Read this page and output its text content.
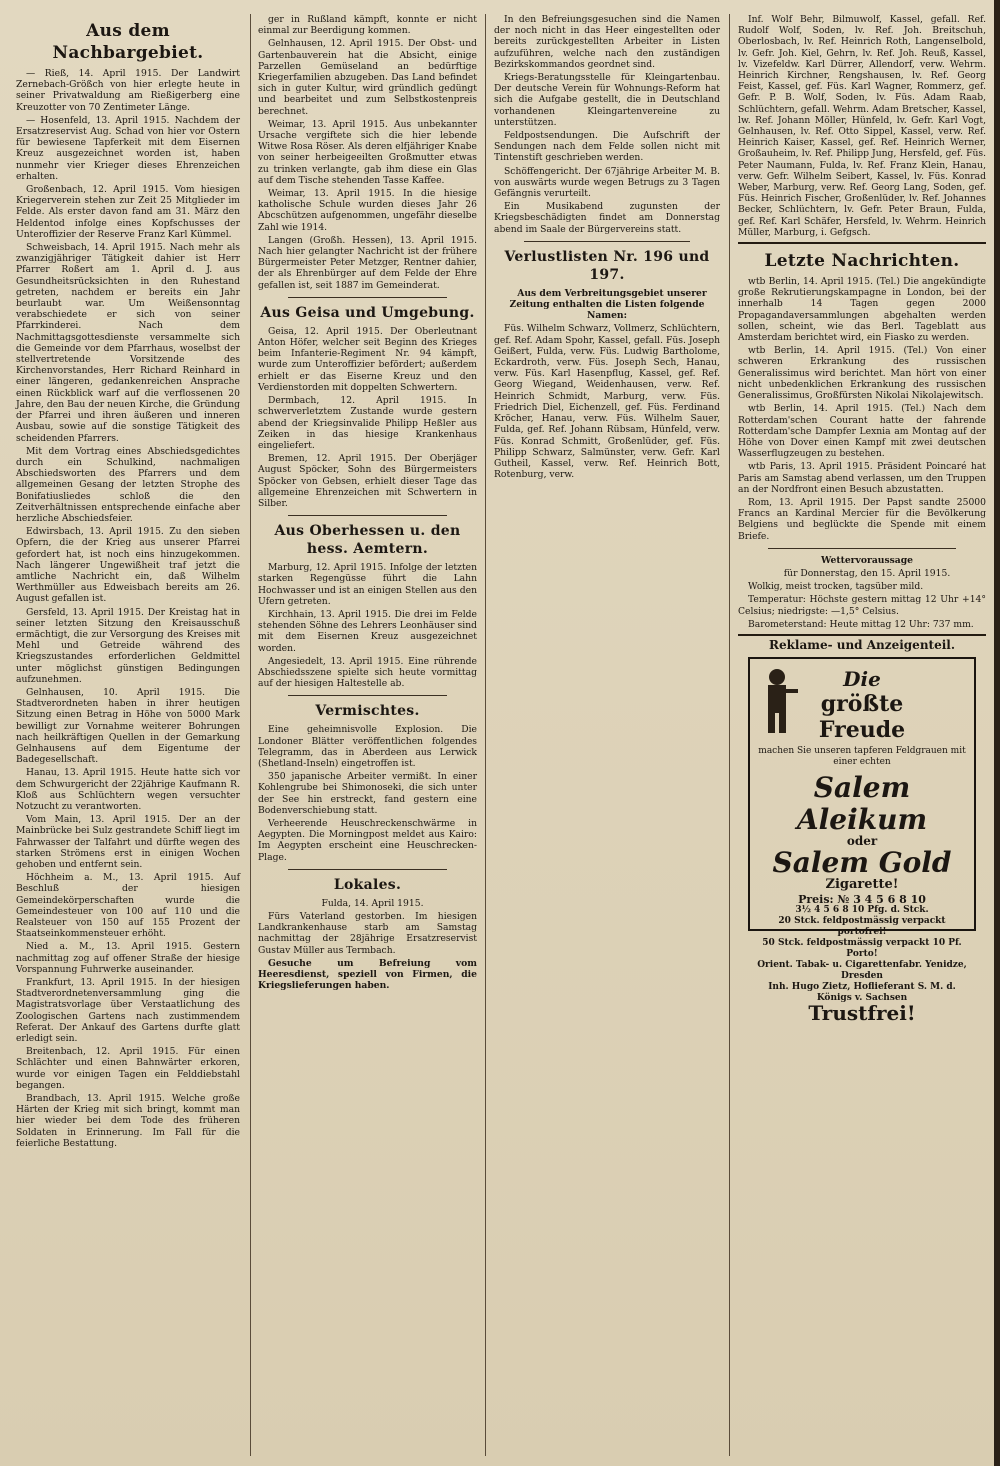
Aus dem Nachbargebiet.

— Rieß, 14. April 1915. Der Landwirt Zernebach-Größch von hier erlegte heute in seiner Privatwaldung am Rießigerberg eine Kreuzotter von 70 Zentimeter Länge.

— Hosenfeld, 13. April 1915. Nachdem der Ersatzreservist Aug. Schad von hier vor Ostern für bewiesene Tapferkeit mit dem Eisernen Kreuz ausgezeichnet worden ist, haben nunmehr vier Krieger dieses Ehrenzeichen erhalten.

Großenbach, 12. April 1915. Vom hiesigen Kriegerverein stehen zur Zeit 25 Mitglieder im Felde. Als erster davon fand am 31. März den Heldentod infolge eines Kopfschusses der Unteroffizier der Reserve Franz Karl Kümmel.

Schweisbach, 14. April 1915. Nach mehr als zwanzigjähriger Tätigkeit dahier ist Herr Pfarrer Roßert am 1. April d. J. aus Gesundheitsrücksichten in den Ruhestand getreten, nachdem er bereits ein Jahr beurlaubt war. Um Weißensonntag verabschiedete er sich von seiner Pfarrkinderei. Nach dem Nachmittagsgottesdienste versammelte sich die Gemeinde vor dem Pfarrhaus, woselbst der stellvertretende Vorsitzende des Kirchenvorstandes, Herr Richard Reinhard in einer längeren, gedankenreichen Ansprache einen Rückblick warf auf die verflossenen 20 Jahre, den Bau der neuen Kirche, die Gründung der Pfarrei und ihren äußeren und inneren Ausbau, sowie auf die sonstige Tätigkeit des scheidenden Pfarrers.

Mit dem Vortrag eines Abschiedsgedichtes durch ein Schulkind, nachmaligen Abschiedsworten des Pfarrers und dem allgemeinen Gesang der letzten Strophe des Bonifatiusliedes schloß die den Zeitverhältnissen entsprechende einfache aber herzliche Abschiedsfeier.

Edwirsbach, 13. April 1915. Zu den sieben Opfern, die der Krieg aus unserer Pfarrei gefordert hat, ist noch eins hinzugekommen. Nach längerer Ungewißheit traf jetzt die amtliche Nachricht ein, daß Wilhelm Werthmüller aus Edweisbach bereits am 26. August gefallen ist.

Gersfeld, 13. April 1915. Der Kreistag hat in seiner letzten Sitzung den Kreisausschuß ermächtigt, die zur Versorgung des Kreises mit Mehl und Getreide während des Kriegszustandes erforderlichen Geldmittel unter möglichst günstigen Bedingungen aufzunehmen.

Gelnhausen, 10. April 1915. Die Stadtverordneten haben in ihrer heutigen Sitzung einen Betrag in Höhe von 5000 Mark bewilligt zur Vornahme weiterer Bohrungen nach heilkräftigen Quellen in der Gemarkung Gelnhausens auf dem Eigentume der Badegesellschaft.

Hanau, 13. April 1915. Heute hatte sich vor dem Schwurgericht der 22jährige Kaufmann R. Kloß aus Schlüchtern wegen versuchter Notzucht zu verantworten.

Vom Main, 13. April 1915. Der an der Mainbrücke bei Sulz gestrandete Schiff liegt im Fahrwasser der Talfahrt und dürfte wegen des starken Strömens erst in einigen Wochen gehoben und entfernt sein.

Höchheim a. M., 13. April 1915. Auf Beschluß der hiesigen Gemeindekörperschaften wurde die Gemeindesteuer von 100 auf 110 und die Realsteuer von 150 auf 155 Prozent der Staatseinkommensteuer erhöht.

Nied a. M., 13. April 1915. Gestern nachmittag zog auf offener Straße der hiesige Vorspannung Fuhrwerke auseinander.

Frankfurt, 13. April 1915. In der hiesigen Stadtverordnetenversammlung ging die Magistratsvorlage über Verstaatlichung des Zoologischen Gartens nach zustimmendem Referat. Der Ankauf des Gartens durfte glatt erledigt sein.

Breitenbach, 12. April 1915. Für einen Schlächter und einen Bahnwärter erkoren, wurde vor einigen Tagen ein Felddiebstahl begangen.

Brandbach, 13. April 1915. Welche große Härten der Krieg mit sich bringt, kommt man hier wieder bei dem Tode des früheren Soldaten in Erinnerung. Im Fall für die feierliche Bestattung.

ger in Rußland kämpft, konnte er nicht einmal zur Beerdigung kommen.

Gelnhausen, 12. April 1915. Der Obst- und Gartenbauverein hat die Absicht, einige Parzellen Gemüseland an bedürftige Kriegerfamilien abzugeben. Das Land befindet sich in guter Kultur, wird gründlich gedüngt und bearbeitet und zum Selbstkostenpreis berechnet.

Weimar, 13. April 1915. Aus unbekannter Ursache vergiftete sich die hier lebende Witwe Rosa Röser. Als deren elfjähriger Knabe von seiner herbeigeeilten Großmutter etwas zu trinken verlangte, gab ihm diese ein Glas auf dem Tische stehenden Tasse Kaffee.

Weimar, 13. April 1915. In die hiesige katholische Schule wurden dieses Jahr 26 Abcschützen aufgenommen, ungefähr dieselbe Zahl wie 1914.

Langen (Großh. Hessen), 13. April 1915. Nach hier gelangter Nachricht ist der frühere Bürgermeister Peter Metzger, Rentner dahier, der als Ehrenbürger auf dem Felde der Ehre gefallen ist, seit 1887 im Gemeinderat.

Aus Geisa und Umgebung.

Geisa, 12. April 1915. Der Oberleutnant Anton Höfer, welcher seit Beginn des Krieges beim Infanterie-Regiment Nr. 94 kämpft, wurde zum Unteroffizier befördert; außerdem erhielt er das Eiserne Kreuz und den Verdienstorden mit doppelten Schwertern.

Dermbach, 12. April 1915. In schwerverletztem Zustande wurde gestern abend der Kriegsinvalide Philipp Heßler aus Zeiken in das hiesige Krankenhaus eingeliefert.

Bremen, 12. April 1915. Der Oberjäger August Spöcker, Sohn des Bürgermeisters Spöcker von Gebsen, erhielt dieser Tage das allgemeine Ehrenzeichen mit Schwertern in Silber.

Aus Oberhessen u. den hess. Aemtern.

Marburg, 12. April 1915. Infolge der letzten starken Regengüsse führt die Lahn Hochwasser und ist an einigen Stellen aus den Ufern getreten.

Kirchhain, 13. April 1915. Die drei im Felde stehenden Söhne des Lehrers Leonhäuser sind mit dem Eisernen Kreuz ausgezeichnet worden.

Angesiedelt, 13. April 1915. Eine rührende Abschiedsszene spielte sich heute vormittag auf der hiesigen Haltestelle ab.

Vermischtes.

Eine geheimnisvolle Explosion. Die Londoner Blätter veröffentlichen folgendes Telegramm, das in Aberdeen aus Lerwick (Shetland-Inseln) eingetroffen ist.

350 japanische Arbeiter vermißt. In einer Kohlengrube bei Shimonoseki, die sich unter der See hin erstreckt, fand gestern eine Bodenverschiebung statt.

Verheerende Heuschreckenschwärme in Aegypten. Die Morningpost meldet aus Kairo: Im Aegypten erscheint eine Heuschrecken-Plage.

Lokales.

Fulda, 14. April 1915.

Fürs Vaterland gestorben. Im hiesigen Landkrankenhause starb am Samstag nachmittag der 28jährige Ersatzreservist Gustav Müller aus Termbach.

Gesuche um Befreiung vom Heeresdienst, speziell von Firmen, die Kriegslieferungen haben.

In den Befreiungsgesuchen sind die Namen der noch nicht in das Heer eingestellten oder bereits zurückgestellten Arbeiter in Listen aufzuführen, welche nach den zuständigen Bezirkskommandos geordnet sind.

Kriegs-Beratungsstelle für Kleingartenbau. Der deutsche Verein für Wohnungs-Reform hat sich die Aufgabe gestellt, die in Deutschland vorhandenen Kleingartenvereine zu unterstützen.

Feldpostsendungen. Die Aufschrift der Sendungen nach dem Felde sollen nicht mit Tintenstift geschrieben werden.

Schöffengericht. Der 67jährige Arbeiter M. B. von auswärts wurde wegen Betrugs zu 3 Tagen Gefängnis verurteilt.

Ein Musikabend zugunsten der Kriegsbeschädigten findet am Donnerstag abend im Saale der Bürgervereins statt.

Verlustlisten Nr. 196 und 197.

Aus dem Verbreitungsgebiet unserer Zeitung enthalten die Listen folgende Namen:

Füs. Wilhelm Schwarz, Vollmerz, Schlüchtern, gef. Ref. Adam Spohr, Kassel, gefall. Füs. Joseph Geißert, Fulda, verw. Füs. Ludwig Bartholome, Eckardroth, verw. Füs. Joseph Sech, Hanau, verw. Füs. Karl Hasenpflug, Kassel, gef. Ref. Georg Wiegand, Weidenhausen, verw. Ref. Heinrich Schmidt, Marburg, verw. Füs. Friedrich Diel, Eichenzell, gef. Füs. Ferdinand Kröcher, Hanau, verw. Füs. Wilhelm Sauer, Fulda, gef. Ref. Johann Rübsam, Hünfeld, verw. Füs. Konrad Schmitt, Großenlüder, gef. Füs. Philipp Schwarz, Salmünster, verw. Gefr. Karl Gutheil, Kassel, verw. Ref. Heinrich Bott, Rotenburg, verw.

Inf. Wolf Behr, Bilmuwolf, Kassel, gefall. Ref. Rudolf Wolf, Soden, lv. Ref. Joh. Breitschuh, Oberlosbach, lv. Ref. Heinrich Roth, Langenselbold, lv. Gefr. Joh. Kiel, Gehrn, lv. Ref. Joh. Reuß, Kassel, lv. Vizefeldw. Karl Dürrer, Allendorf, verw. Wehrm. Heinrich Kirchner, Rengshausen, lv. Ref. Georg Feist, Kassel, gef. Füs. Karl Wagner, Rommerz, gef. Gefr. P. B. Wolf, Soden, lv. Füs. Adam Raab, Schlüchtern, gefall. Wehrm. Adam Bretscher, Kassel, lw. Ref. Johann Möller, Hünfeld, lv. Gefr. Karl Vogt, Gelnhausen, lv. Ref. Otto Sippel, Kassel, verw. Ref. Heinrich Kaiser, Kassel, gef. Ref. Heinrich Werner, Großauheim, lv. Ref. Philipp Jung, Hersfeld, gef. Füs. Peter Naumann, Fulda, lv. Ref. Franz Klein, Hanau, verw. Gefr. Wilhelm Seibert, Kassel, lv. Füs. Konrad Weber, Marburg, verw. Ref. Georg Lang, Soden, gef. Füs. Heinrich Fischer, Großenlüder, lv. Ref. Johannes Becker, Schlüchtern, lv. Gefr. Peter Braun, Fulda, gef. Ref. Karl Schäfer, Hersfeld, lv. Wehrm. Heinrich Müller, Marburg, i. Gefgsch.

Letzte Nachrichten.

wtb Berlin, 14. April 1915. (Tel.) Die angekündigte große Rekrutierungskampagne in London, bei der innerhalb 14 Tagen gegen 2000 Propagandaversammlungen abgehalten werden sollen, scheint, wie das Berl. Tageblatt aus Amsterdam berichtet wird, ein Fiasko zu werden.

wtb Berlin, 14. April 1915. (Tel.) Von einer schweren Erkrankung des russischen Generalissimus wird berichtet. Man hört von einer nicht unbedenklichen Erkrankung des russischen Generalissimus, Großfürsten Nikolai Nikolajewitsch.

wtb Berlin, 14. April 1915. (Tel.) Nach dem Rotterdam'schen Courant hatte der fahrende Rotterdam'sche Dampfer Lexnia am Montag auf der Höhe von Dover einen Kampf mit zwei deutschen Wasserflugzeugen zu bestehen.

wtb Paris, 13. April 1915. Präsident Poincaré hat Paris am Samstag abend verlassen, um den Truppen an der Nordfront einen Besuch abzustatten.

Rom, 13. April 1915. Der Papst sandte 25000 Francs an Kardinal Mercier für die Bevölkerung Belgiens und beglückte die Spende mit einem Briefe.

Wettervoraussage

für Donnerstag, den 15. April 1915.

Wolkig, meist trocken, tagsüber mild.

Temperatur: Höchste gestern mittag 12 Uhr +14° Celsius; niedrigste: —1,5° Celsius.

Barometerstand: Heute mittag 12 Uhr: 737 mm.

Reklame- und Anzeigenteil.
Die
größte
Freude
machen Sie unseren tapferen Feldgrauen mit einer echten
Salem Aleikum
oder
Salem Gold
Zigarette!
Preis: № 3 4 5 6 8 10
3½ 4 5 6 8 10 Pfg. d. Stck.
20 Stck. feldpostmässig verpackt portofrei!
50 Stck. feldpostmässig verpackt 10 Pf. Porto!
Orient. Tabak- u. Cigarettenfabr. Yenidze, Dresden
Inh. Hugo Zietz, Hoflieferant S. M. d. Königs v. Sachsen
Trustfrei!
